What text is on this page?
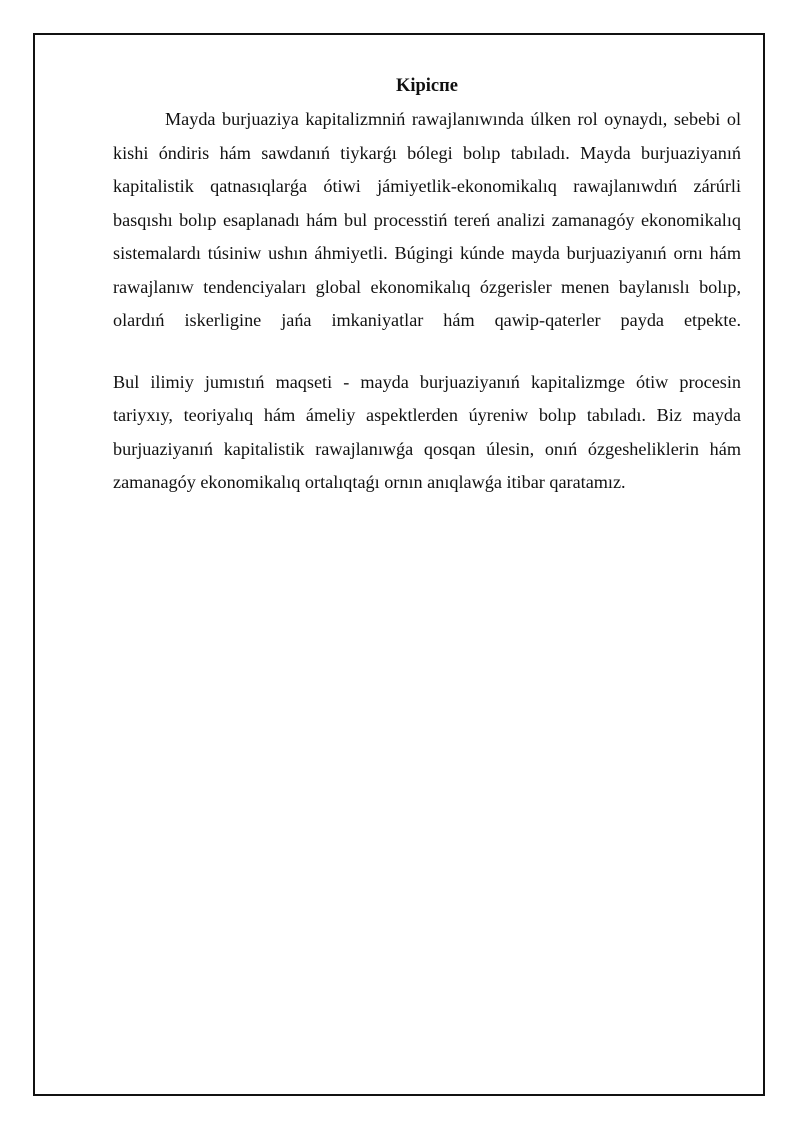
Kipicпe

Mayda burjuaziya kapitalizmniń rawajlanıwında úlken rol oynaydı, sebebi ol kishi óndiris hám sawdanıń tiykarǵı bólegi bolıp tabıladı. Mayda burjuaziyanıń kapitalistik qatnasıqlarǵa ótiwi jámiyetlik-ekonomikalıq rawajlanıwdıń zárúrli basqıshı bolıp esaplanadı hám bul processtiń tereń analizi zamanagóy ekonomikalıq sistemalardı túsiniw ushın áhmiyetli. Búgingi kúnde mayda burjuaziyanıń ornı hám rawajlanıw tendenciyaları global ekonomikalıq ózgerisler menen baylanıslı bolıp, olardıń iskerligine jańa imkaniyatlar hám qawip-qaterler payda etpekte.

Bul ilimiy jumıstıń maqseti - mayda burjuaziyanıń kapitalizmge ótiw procesin tariyxıy, teoriyalıq hám ámeliy aspektlerden úyreniw bolıp tabıladı. Biz mayda burjuaziyanıń kapitalistik rawajlanıwǵa qosqan úlesin, onıń ózgesheliklerin hám zamanagóy ekonomikalıq ortalıqtaǵı ornın anıqlawǵa itibar qaratamız.
